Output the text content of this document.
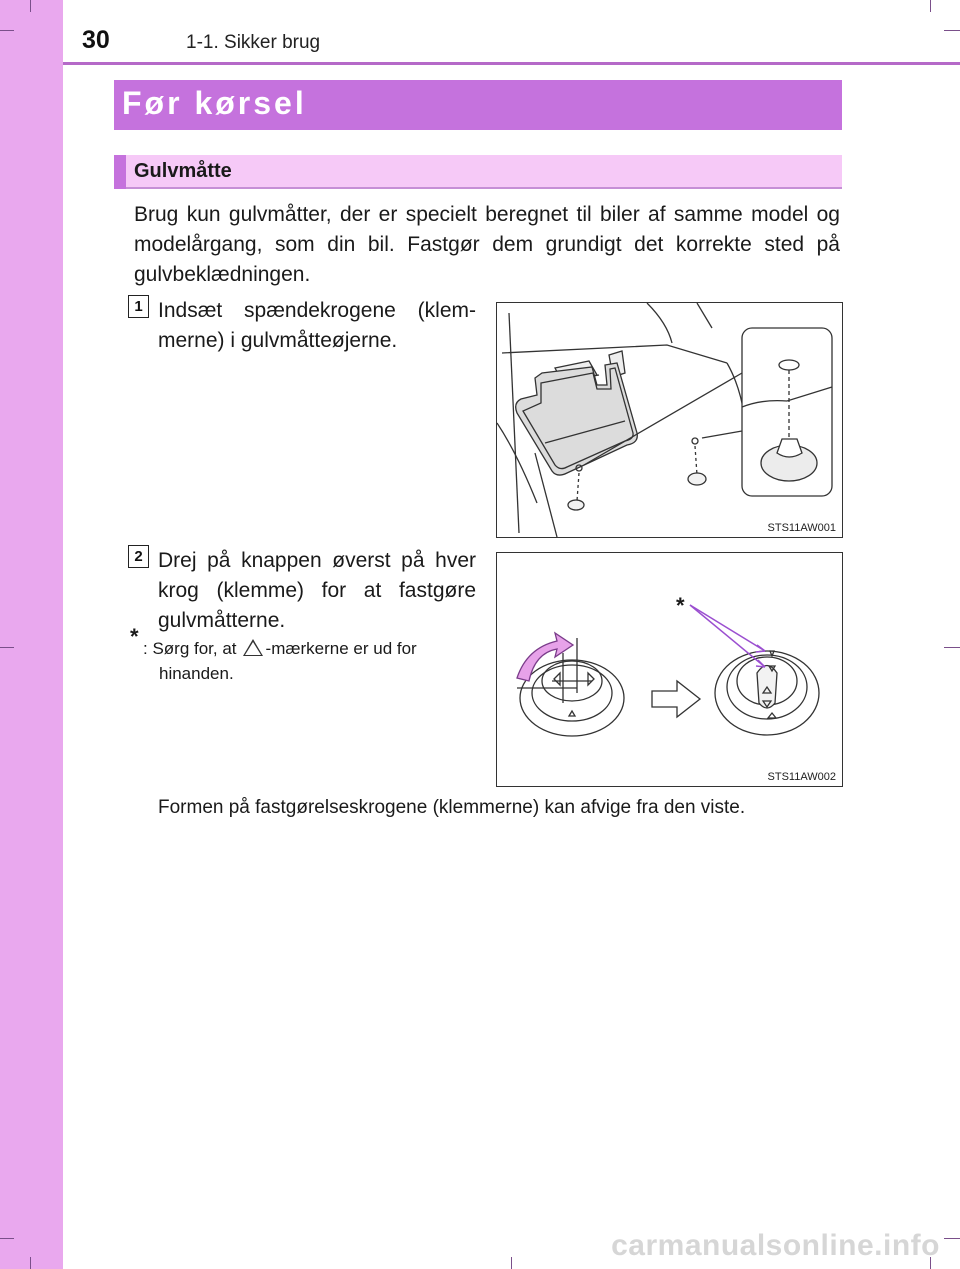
30	1-1. Sikker brug
Før kørsel
Gulvmåtte
Brug kun gulvmåtter, der er specielt beregnet til biler af samme model og modelårgang, som din bil. Fastgør dem grundigt det korrekte sted på gulvbeklædningen.
1 Indsæt spændekrogene (klem-merne) i gulvmåtteøjerne.
STS11AW001
2 Drej på knappen øverst på hver krog (klemme) for at fastgøre gulvmåtterne.
* : Sørg for, at -mærkerne er ud for
hinanden.
*
STS11AW002
Formen på fastgørelseskrogene (klemmerne) kan afvige fra den viste.
carmanualsonline.info
